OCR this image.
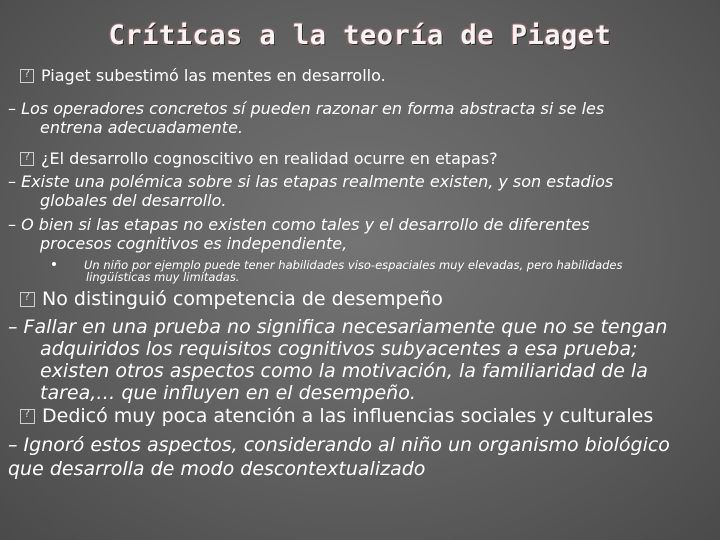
Críticas a la teoría de Piaget
?Piaget subestimó las mentes en desarrollo.
– Los operadores concretos sí pueden razonar en forma abstracta si se les
entrena adecuadamente.
?¿El desarrollo cognoscitivo en realidad ocurre en etapas?
– Existe una polémica sobre si las etapas realmente existen, y son estadios
globales del desarrollo.
– O bien si las etapas no existen como tales y el desarrollo de diferentes
procesos cognitivos es independiente,
Un niño por ejemplo puede tener habilidades viso-espaciales muy elevadas, pero habilidades
lingüísticas muy limitadas.
?No distinguió competencia de desempeño
– Fallar en una prueba no significa necesariamente que no se tengan
adquiridos los requisitos cognitivos subyacentes a esa prueba;
existen otros aspectos como la motivación, la familiaridad de la
tarea,… que influyen en el desempeño.
?Dedicó muy poca atención a las influencias sociales y culturales
– Ignoró estos aspectos, considerando al niño un organismo biológico
que desarrolla de modo descontextualizado
